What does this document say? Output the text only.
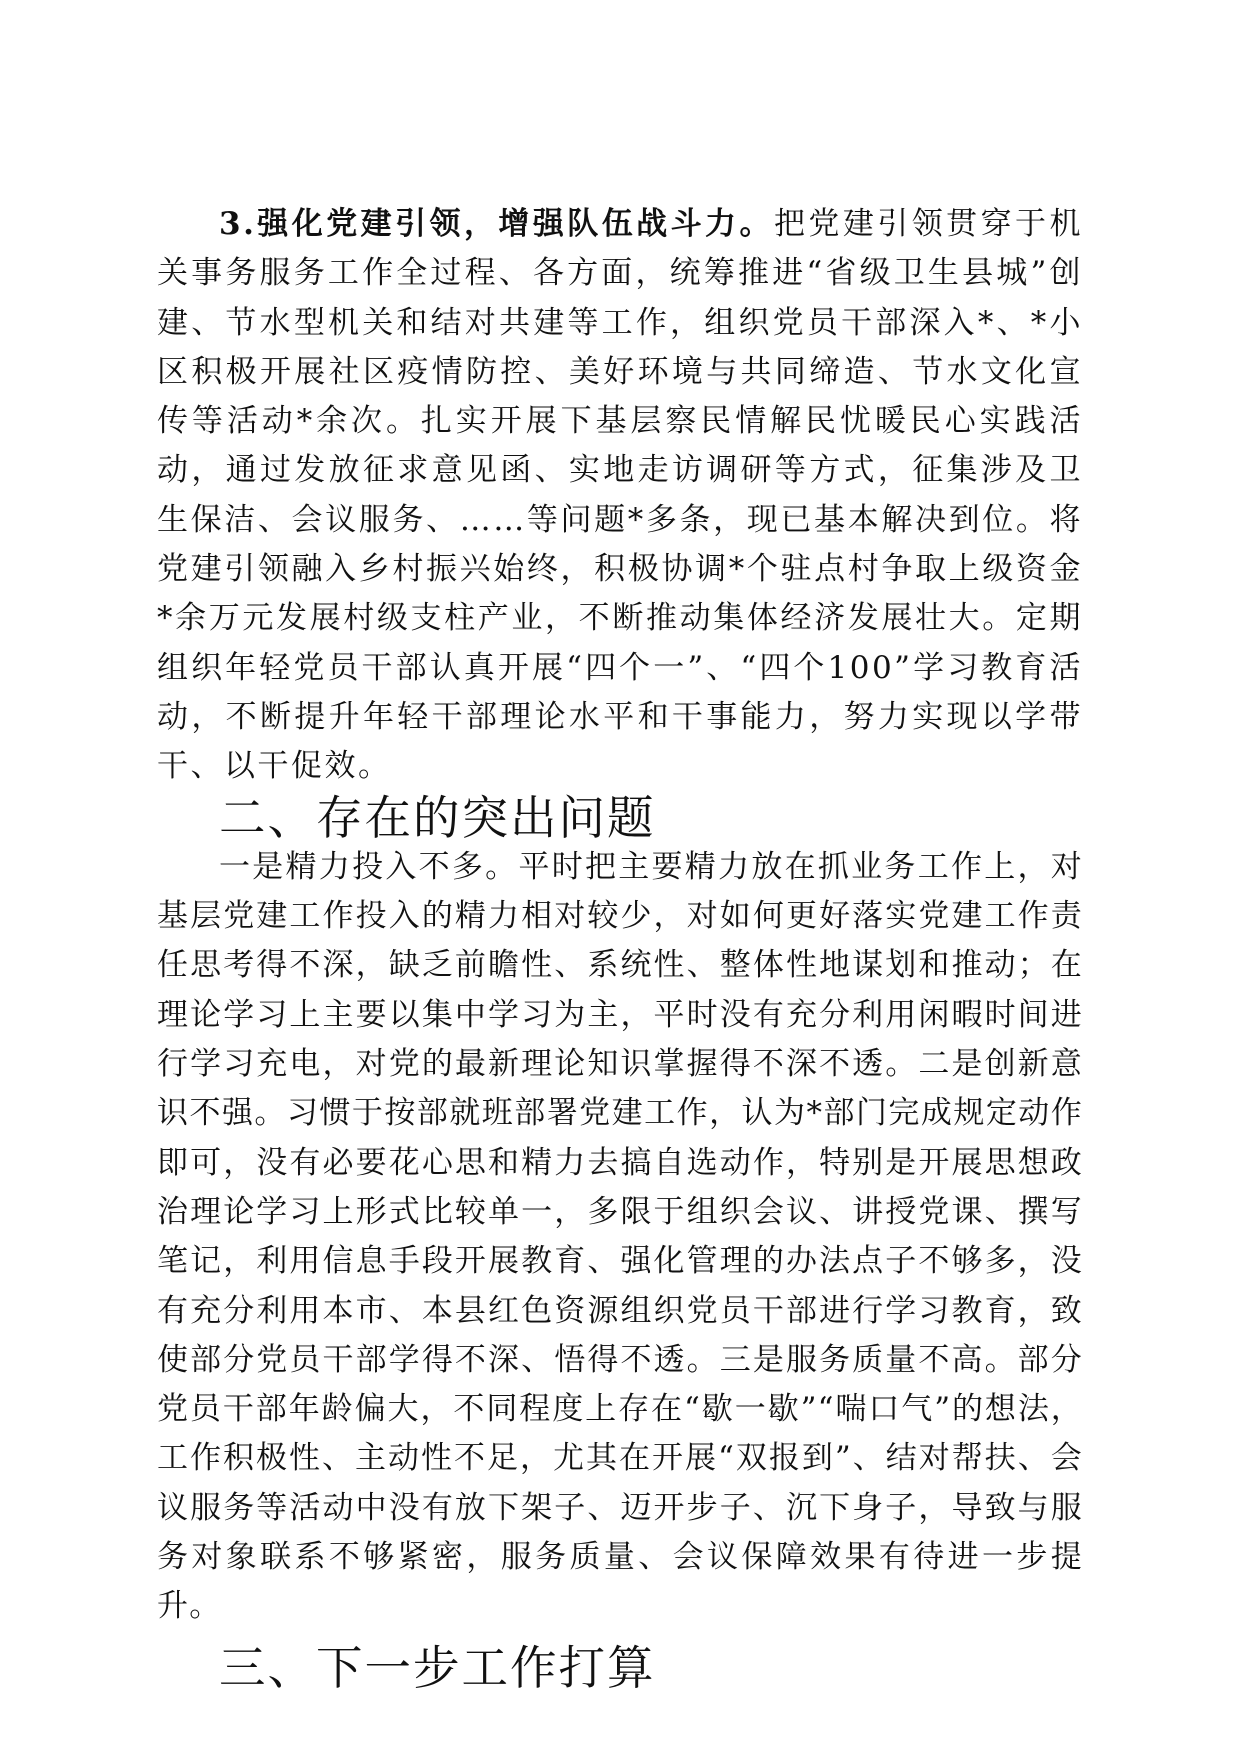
3.强化党建引领，增强队伍战斗力。把党建引领贯穿于机关事务服务工作全过程、各方面，统筹推进“省级卫生县城”创建、节水型机关和结对共建等工作，组织党员干部深入*、*小区积极开展社区疫情防控、美好环境与共同缔造、节水文化宣传等活动*余次。扎实开展下基层察民情解民忧暖民心实践活动，通过发放征求意见函、实地走访调研等方式，征集涉及卫生保洁、会议服务、……等问题*多条，现已基本解决到位。将党建引领融入乡村振兴始终，积极协调*个驻点村争取上级资金*余万元发展村级支柱产业，不断推动集体经济发展壮大。定期组织年轻党员干部认真开展“四个一”、“四个100”学习教育活动，不断提升年轻干部理论水平和干事能力，努力实现以学带干、以干促效。

二、存在的突出问题

一是精力投入不多。平时把主要精力放在抓业务工作上，对基层党建工作投入的精力相对较少，对如何更好落实党建工作责任思考得不深，缺乏前瞻性、系统性、整体性地谋划和推动；在理论学习上主要以集中学习为主，平时没有充分利用闲暇时间进行学习充电，对党的最新理论知识掌握得不深不透。二是创新意识不强。习惯于按部就班部署党建工作，认为*部门完成规定动作即可，没有必要花心思和精力去搞自选动作，特别是开展思想政治理论学习上形式比较单一，多限于组织会议、讲授党课、撰写笔记，利用信息手段开展教育、强化管理的办法点子不够多，没有充分利用本市、本县红色资源组织党员干部进行学习教育，致使部分党员干部学得不深、悟得不透。三是服务质量不高。部分党员干部年龄偏大，不同程度上存在“歇一歇”“喘口气”的想法，工作积极性、主动性不足，尤其在开展“双报到”、结对帮扶、会议服务等活动中没有放下架子、迈开步子、沉下身子，导致与服务对象联系不够紧密，服务质量、会议保障效果有待进一步提升。

三、下一步工作打算
